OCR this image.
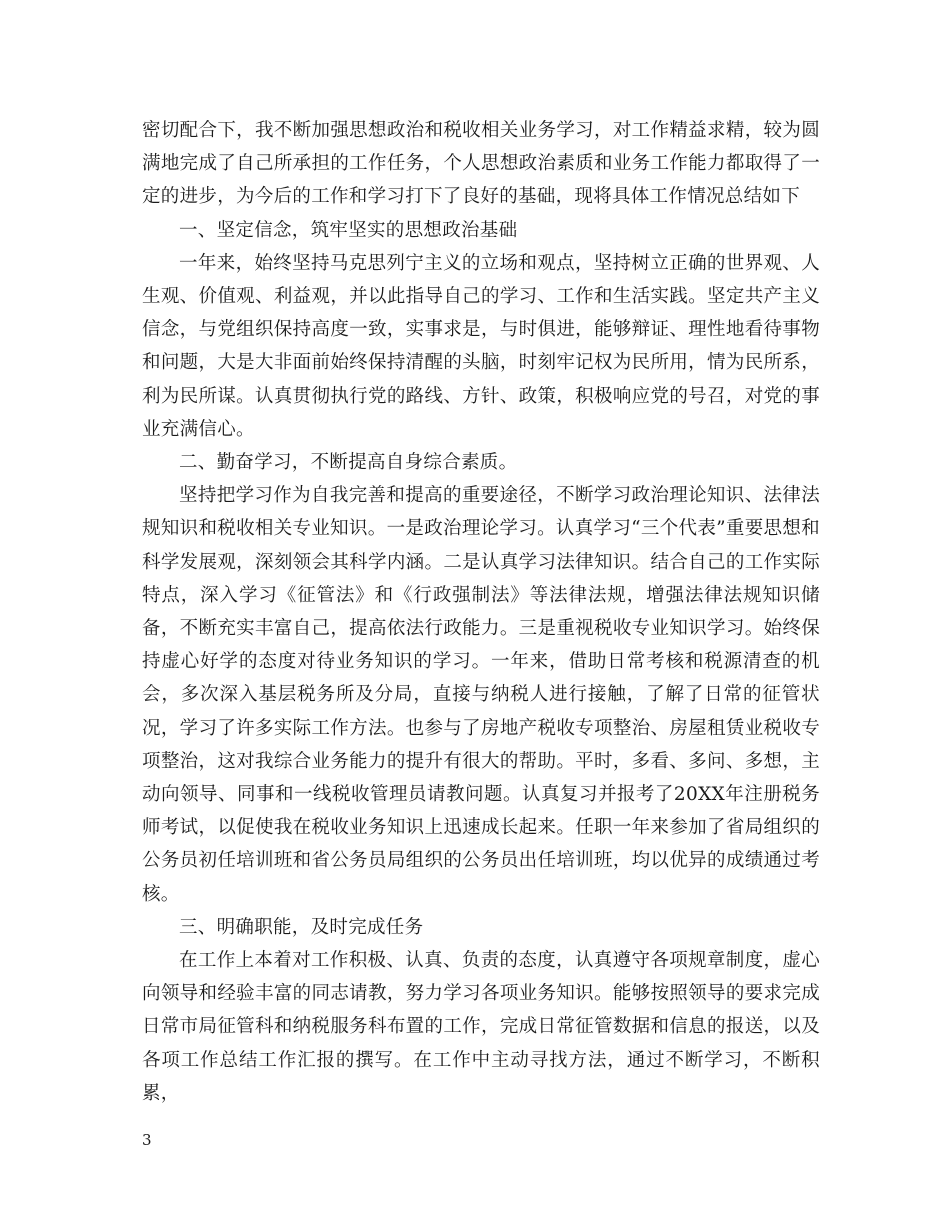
密切配合下，我不断加强思想政治和税收相关业务学习，对工作精益求精，较为圆满地完成了自己所承担的工作任务，个人思想政治素质和业务工作能力都取得了一定的进步，为今后的工作和学习打下了良好的基础，现将具体工作情况总结如下

一、坚定信念，筑牢坚实的思想政治基础

一年来，始终坚持马克思列宁主义的立场和观点，坚持树立正确的世界观、人生观、价值观、利益观，并以此指导自己的学习、工作和生活实践。坚定共产主义信念，与党组织保持高度一致，实事求是，与时俱进，能够辩证、理性地看待事物和问题，大是大非面前始终保持清醒的头脑，时刻牢记权为民所用，情为民所系，利为民所谋。认真贯彻执行党的路线、方针、政策，积极响应党的号召，对党的事业充满信心。

二、勤奋学习，不断提高自身综合素质。

坚持把学习作为自我完善和提高的重要途径，不断学习政治理论知识、法律法规知识和税收相关专业知识。一是政治理论学习。认真学习“三个代表”重要思想和科学发展观，深刻领会其科学内涵。二是认真学习法律知识。结合自己的工作实际特点，深入学习《征管法》和《行政强制法》等法律法规，增强法律法规知识储备，不断充实丰富自己，提高依法行政能力。三是重视税收专业知识学习。始终保持虚心好学的态度对待业务知识的学习。一年来，借助日常考核和税源清查的机会，多次深入基层税务所及分局，直接与纳税人进行接触，了解了日常的征管状况，学习了许多实际工作方法。也参与了房地产税收专项整治、房屋租赁业税收专项整治，这对我综合业务能力的提升有很大的帮助。平时，多看、多问、多想，主动向领导、同事和一线税收管理员请教问题。认真复习并报考了20XX年注册税务师考试，以促使我在税收业务知识上迅速成长起来。任职一年来参加了省局组织的公务员初任培训班和省公务员局组织的公务员出任培训班，均以优异的成绩通过考核。

三、明确职能，及时完成任务

在工作上本着对工作积极、认真、负责的态度，认真遵守各项规章制度，虚心向领导和经验丰富的同志请教，努力学习各项业务知识。能够按照领导的要求完成日常市局征管科和纳税服务科布置的工作，完成日常征管数据和信息的报送，以及各项工作总结工作汇报的撰写。在工作中主动寻找方法，通过不断学习，不断积累，

3
